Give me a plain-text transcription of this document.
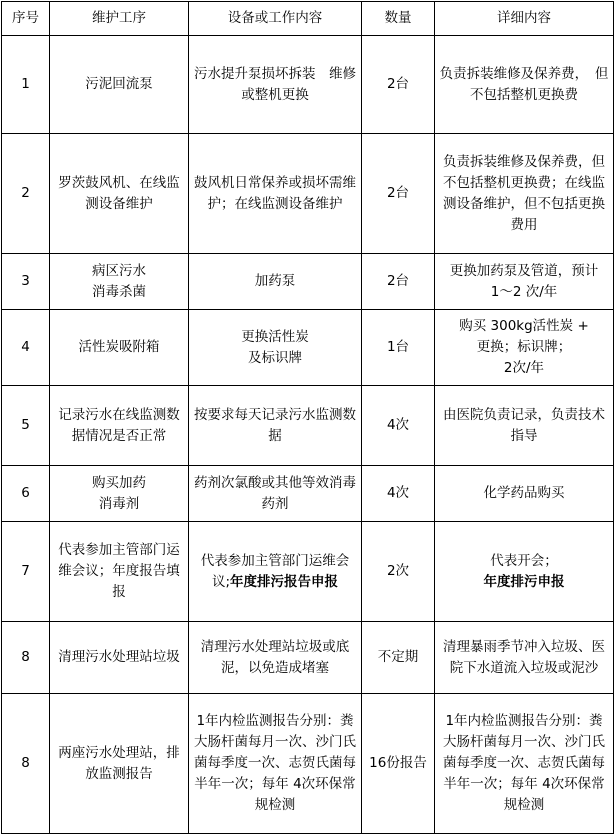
序号	维护工序	设备或工作内容	数量	详细内容
1	污泥回流泵	污水提升泵损坏拆装　维修或整机更换	2台	负责拆装维修及保养费，　但不包括整机更换费
2	罗茨鼓风机、在线监测设备维护	鼓风机日常保养或损坏需维护；在线监测设备维护	2台	负责拆装维修及保养费，但不包括整机更换费；在线监测设备维护，但不包括更换费用
3	病区污水
消毒杀菌	加药泵	2台	更换加药泵及管道，预计　1～2 次/年
4	活性炭吸附箱	更换活性炭
及标识牌	1台	购买 300kg活性炭 +
更换；标识牌；
2次/年

5	记录污水在线监测数据情况是否正常	按要求每天记录污水监测数据	4次	由医院负责记录，负责技术指导
6	购买加药
消毒剂	药剂次氯酸或其他等效消毒药剂	4次	化学药品购买
7	代表参加主管部门运维会议；年度报告填报	代表参加主管部门运维会议;年度排污报告申报	2次	代表开会；
年度排污申报

8	清理污水处理站垃圾	清理污水处理站垃圾或底泥，以免造成堵塞	不定期	清理暴雨季节冲入垃圾、医院下水道流入垃圾或泥沙
8	两座污水处理站，排放监测报告	1年内检监测报告分别：粪大肠杆菌每月一次、沙门氏菌每季度一次、志贺氏菌每半年一次；每年 4次环保常规检测	16份报告	1年内检监测报告分别：粪大肠杆菌每月一次、沙门氏菌每季度一次、志贺氏菌每半年一次；每年 4次环保常规检测
